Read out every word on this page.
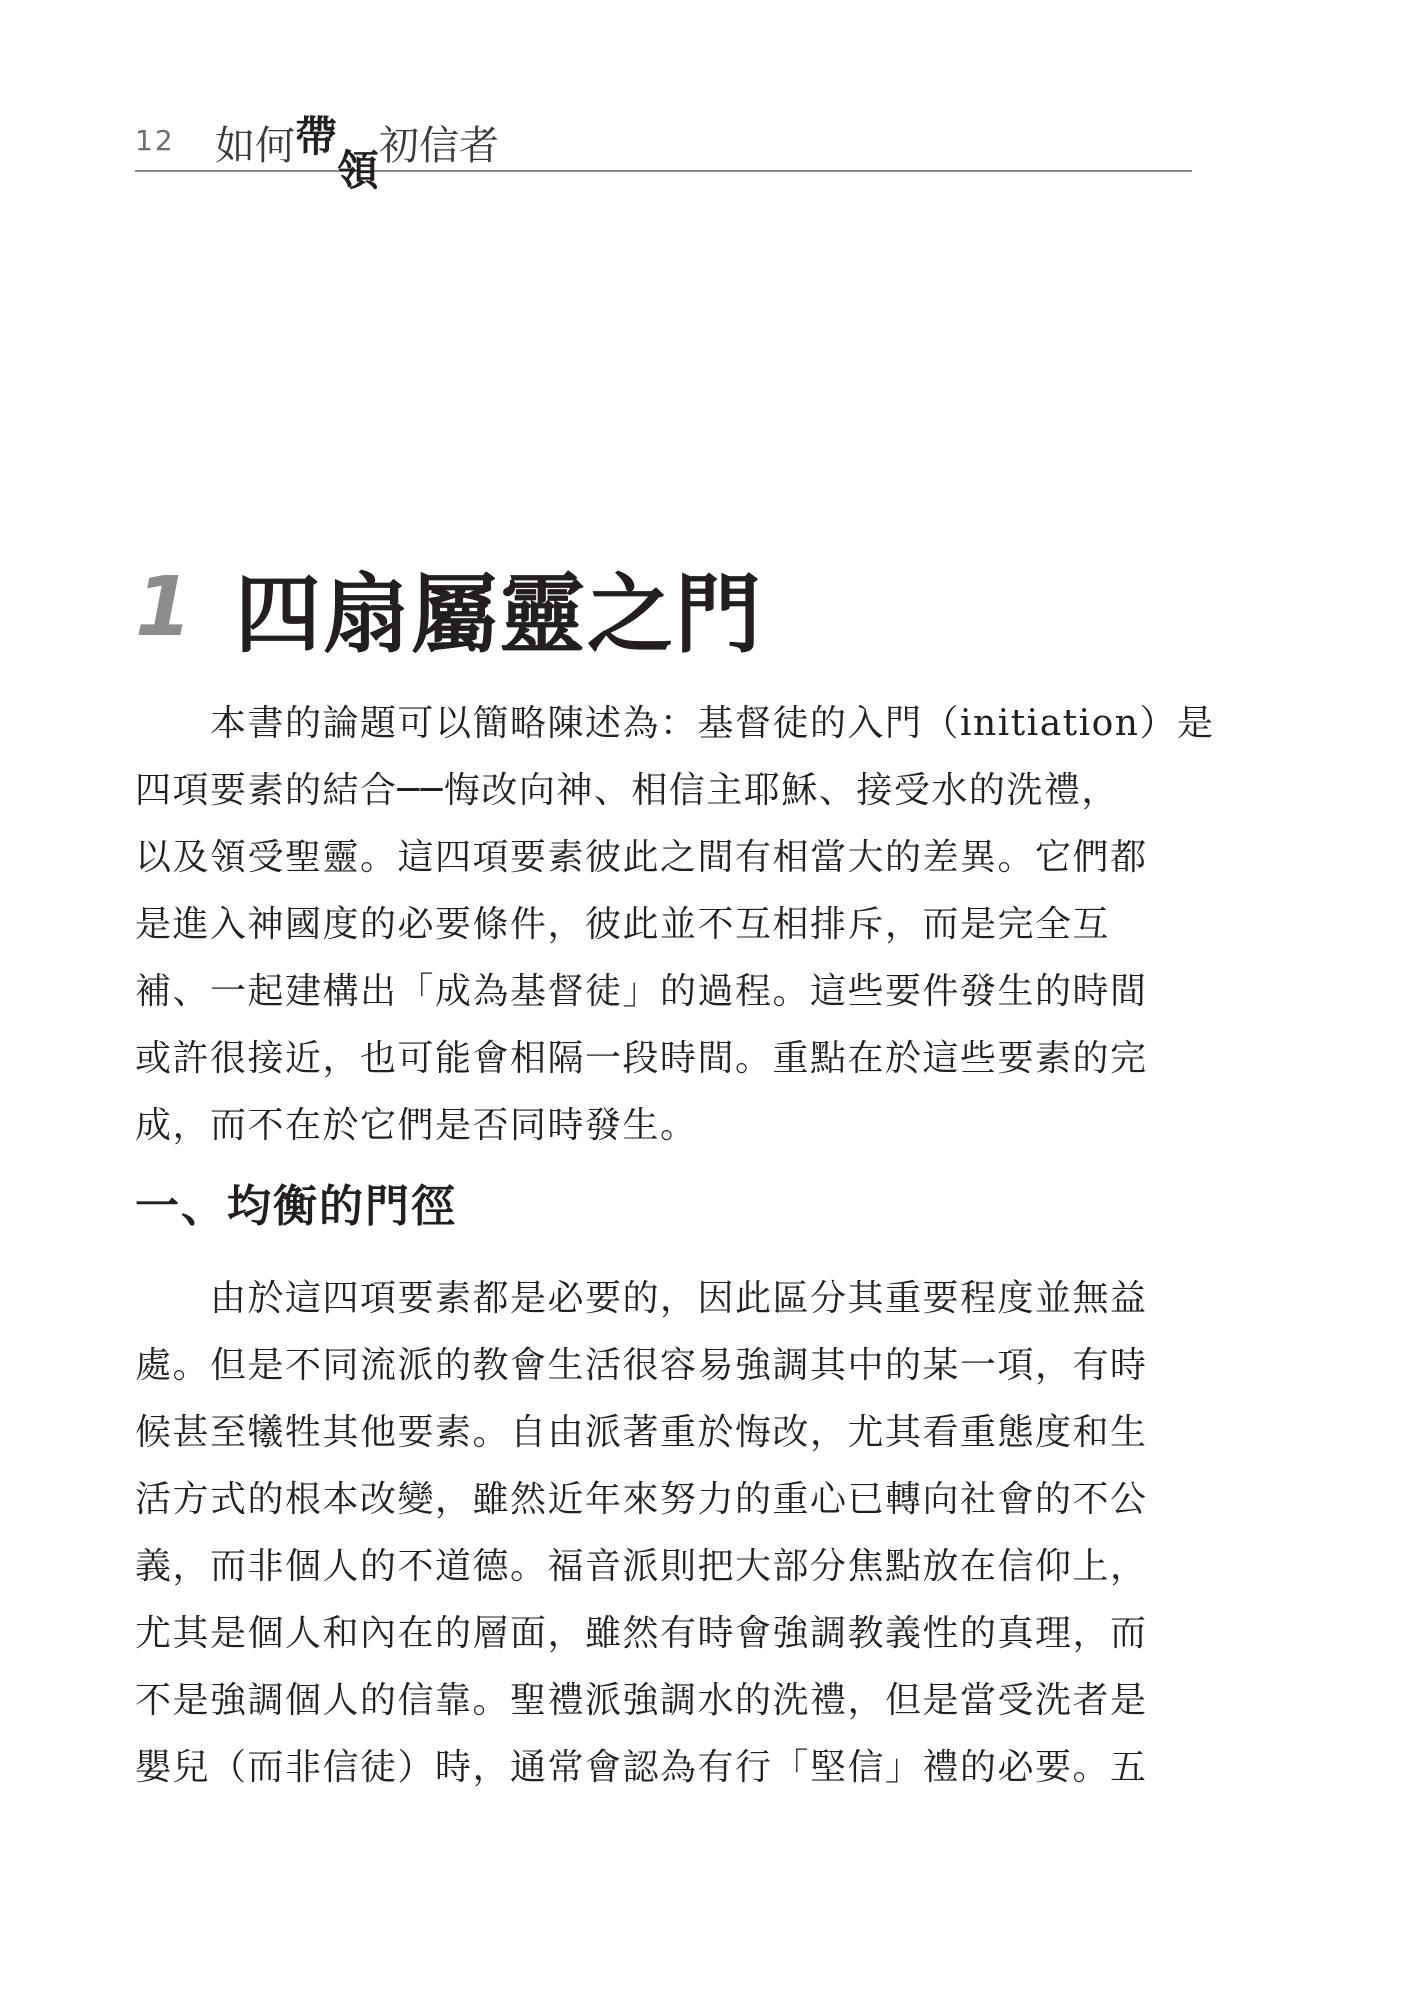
12 如何帶領初信者
1 四扇屬靈之門
　　本書的論題可以簡略陳述為：基督徒的入門（initiation）是
四項要素的結合──悔改向神、相信主耶穌、接受水的洗禮，
以及領受聖靈。這四項要素彼此之間有相當大的差異。它們都
是進入神國度的必要條件，彼此並不互相排斥，而是完全互
補、一起建構出「成為基督徒」的過程。這些要件發生的時間
或許很接近，也可能會相隔一段時間。重點在於這些要素的完
成，而不在於它們是否同時發生。
一、均衡的門徑
　　由於這四項要素都是必要的，因此區分其重要程度並無益
處。但是不同流派的教會生活很容易強調其中的某一項，有時
候甚至犧牲其他要素。自由派著重於悔改，尤其看重態度和生
活方式的根本改變，雖然近年來努力的重心已轉向社會的不公
義，而非個人的不道德。福音派則把大部分焦點放在信仰上，
尤其是個人和內在的層面，雖然有時會強調教義性的真理，而
不是強調個人的信靠。聖禮派強調水的洗禮，但是當受洗者是
嬰兒（而非信徒）時，通常會認為有行「堅信」禮的必要。五
